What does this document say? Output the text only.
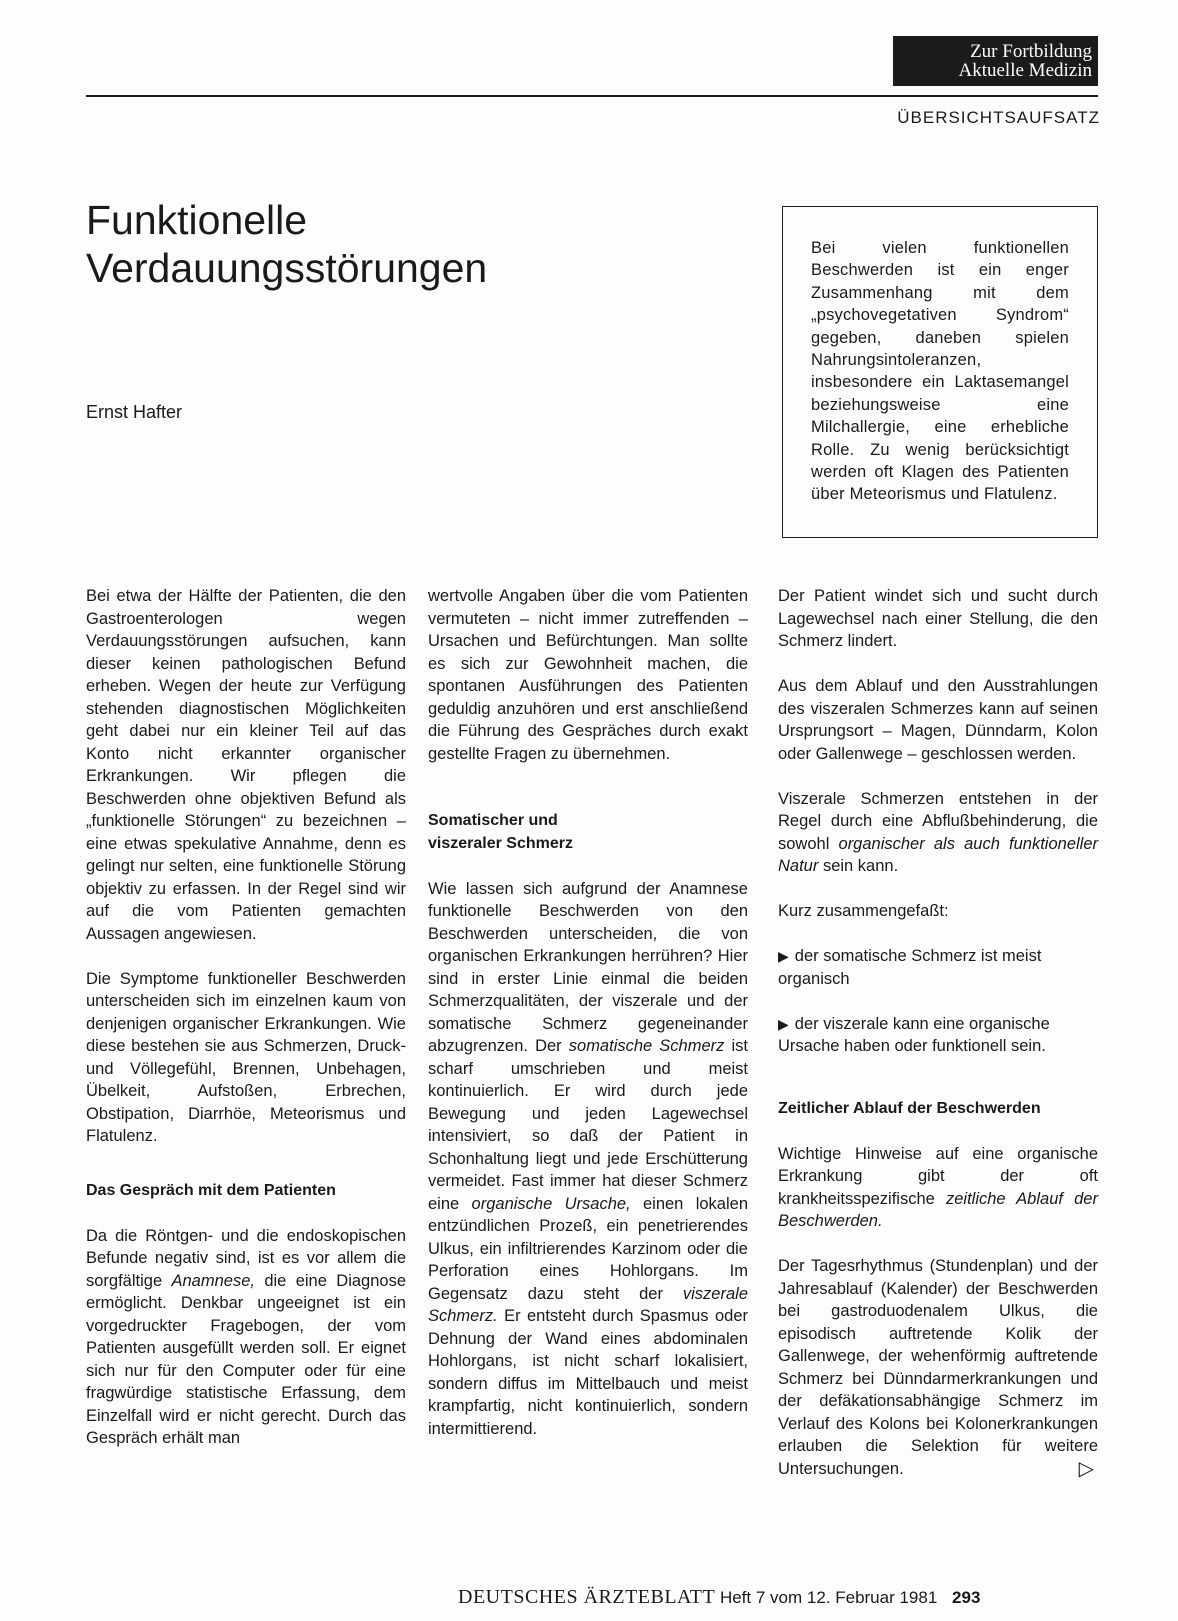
Zur Fortbildung
Aktuelle Medizin
ÜBERSICHTSAUFSATZ
Funktionelle
Verdauungsstörungen
Ernst Hafter

Bei vielen funktionellen Beschwerden ist ein enger Zusammenhang mit dem „psychovegetativen Syndrom“ gegeben, daneben spielen Nahrungsintoleranzen, insbesondere ein Laktasemangel beziehungsweise eine Milchallergie, eine erhebliche Rolle. Zu wenig berücksichtigt werden oft Klagen des Patienten über Meteorismus und Flatulenz.

Bei etwa der Hälfte der Patienten, die den Gastroenterologen wegen Verdauungsstörungen aufsuchen, kann dieser keinen pathologischen Befund erheben. Wegen der heute zur Verfügung stehenden diagnostischen Möglichkeiten geht dabei nur ein kleiner Teil auf das Konto nicht erkannter organischer Erkrankungen. Wir pflegen die Beschwerden ohne objektiven Befund als „funktionelle Störungen“ zu bezeichnen – eine etwas spekulative Annahme, denn es gelingt nur selten, eine funktionelle Störung objektiv zu erfassen. In der Regel sind wir auf die vom Patienten gemachten Aussagen angewiesen.

Die Symptome funktioneller Beschwerden unterscheiden sich im einzelnen kaum von denjenigen organischer Erkrankungen. Wie diese bestehen sie aus Schmerzen, Druck- und Völlegefühl, Brennen, Unbehagen, Übelkeit, Aufstoßen, Erbrechen, Obstipation, Diarrhöe, Meteorismus und Flatulenz.

Das Gespräch mit dem Patienten

Da die Röntgen- und die endoskopischen Befunde negativ sind, ist es vor allem die sorgfältige Anamnese, die eine Diagnose ermöglicht. Denkbar ungeeignet ist ein vorgedruckter Fragebogen, der vom Patienten ausgefüllt werden soll. Er eignet sich nur für den Computer oder für eine fragwürdige statistische Erfassung, dem Einzelfall wird er nicht gerecht. Durch das Gespräch erhält man

wertvolle Angaben über die vom Patienten vermuteten – nicht immer zutreffenden – Ursachen und Befürchtungen. Man sollte es sich zur Gewohnheit machen, die spontanen Ausführungen des Patienten geduldig anzuhören und erst anschließend die Führung des Gespräches durch exakt gestellte Fragen zu übernehmen.

Somatischer und viszeraler Schmerz

Wie lassen sich aufgrund der Anamnese funktionelle Beschwerden von den Beschwerden unterscheiden, die von organischen Erkrankungen herrühren? Hier sind in erster Linie einmal die beiden Schmerzqualitäten, der viszerale und der somatische Schmerz gegeneinander abzugrenzen. Der somatische Schmerz ist scharf umschrieben und meist kontinuierlich. Er wird durch jede Bewegung und jeden Lagewechsel intensiviert, so daß der Patient in Schonhaltung liegt und jede Erschütterung vermeidet. Fast immer hat dieser Schmerz eine organische Ursache, einen lokalen entzündlichen Prozeß, ein penetrierendes Ulkus, ein infiltrierendes Karzinom oder die Perforation eines Hohlorgans. Im Gegensatz dazu steht der viszerale Schmerz. Er entsteht durch Spasmus oder Dehnung der Wand eines abdominalen Hohlorgans, ist nicht scharf lokalisiert, sondern diffus im Mittelbauch und meist krampfartig, nicht kontinuierlich, sondern intermittierend.

Der Patient windet sich und sucht durch Lagewechsel nach einer Stellung, die den Schmerz lindert.

Aus dem Ablauf und den Ausstrahlungen des viszeralen Schmerzes kann auf seinen Ursprungsort – Magen, Dünndarm, Kolon oder Gallenwege – geschlossen werden.

Viszerale Schmerzen entstehen in der Regel durch eine Abflußbehinderung, die sowohl organischer als auch funktioneller Natur sein kann.

Kurz zusammengefaßt:

▶ der somatische Schmerz ist meist organisch

▶ der viszerale kann eine organische Ursache haben oder funktionell sein.

Zeitlicher Ablauf der Beschwerden

Wichtige Hinweise auf eine organische Erkrankung gibt der oft krankheitsspezifische zeitliche Ablauf der Beschwerden.

Der Tagesrhythmus (Stundenplan) und der Jahresablauf (Kalender) der Beschwerden bei gastroduodenalem Ulkus, die episodisch auftretende Kolik der Gallenwege, der wehenförmig auftretende Schmerz bei Dünndarmerkrankungen und der defäkationsabhängige Schmerz im Verlauf des Kolons bei Kolonerkrankungen erlauben die Selektion für weitere Untersuchungen.	▷

DEUTSCHES ÄRZTEBLATT Heft 7 vom 12. Februar 1981 293
